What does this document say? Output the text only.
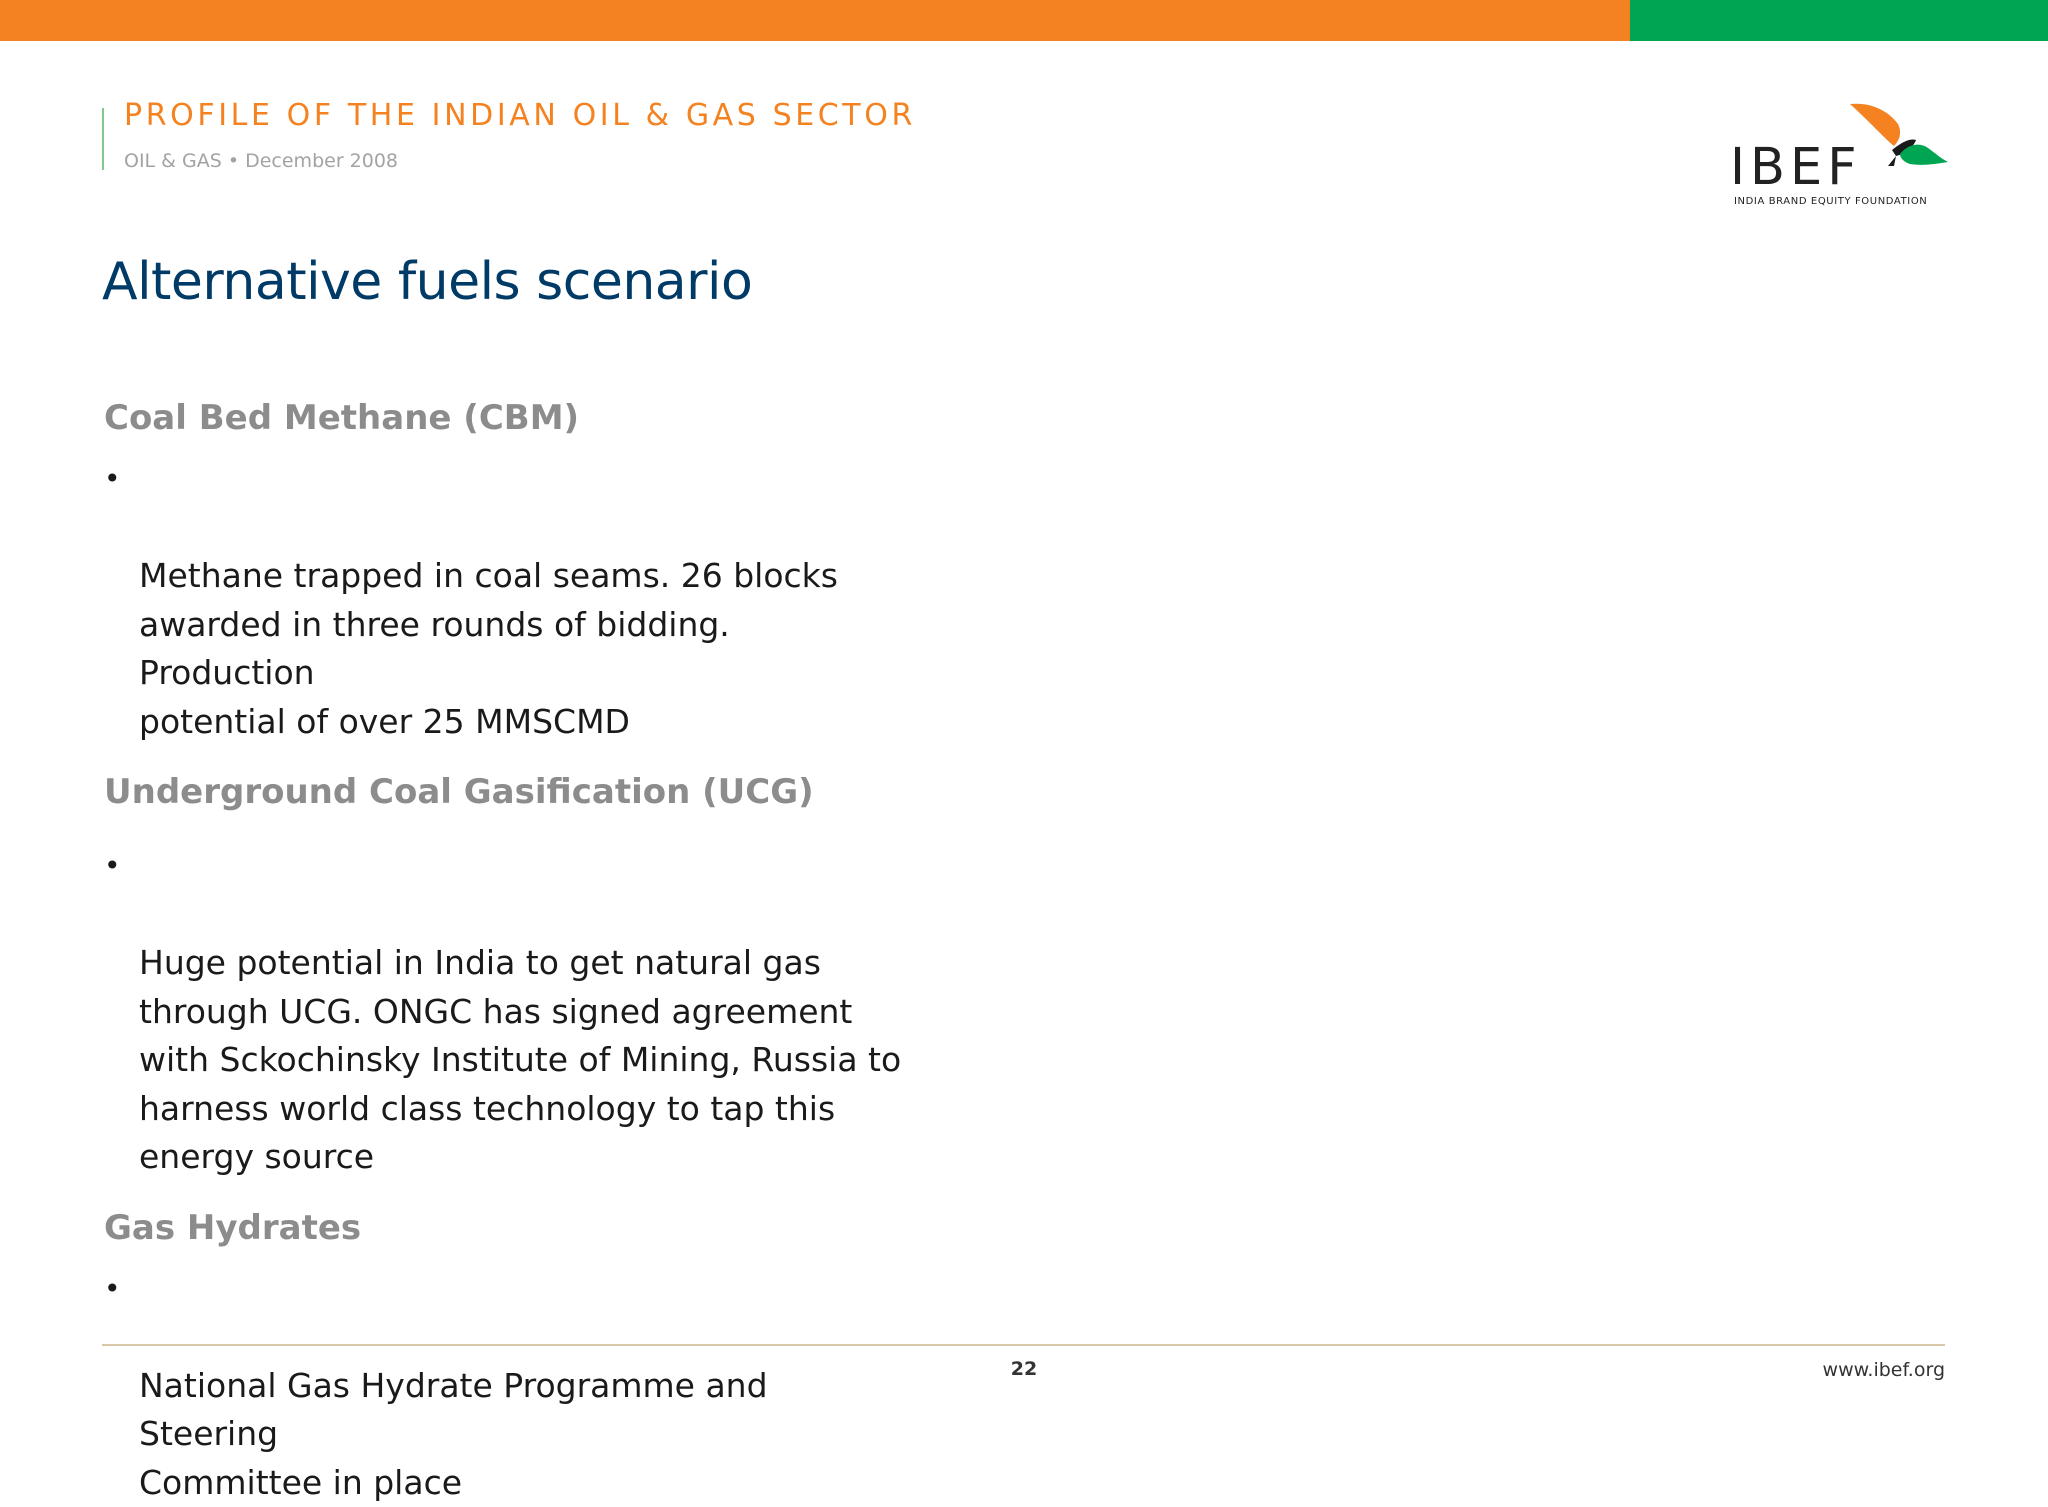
PROFILE OF THE INDIAN OIL & GAS SECTOR
OIL & GAS • December 2008	IBEF
INDIA BRAND EQUITY FOUNDATION
Alternative fuels scenario
Coal Bed Methane (CBM)

•

Methane trapped in coal seams. 26 blocks
awarded in three rounds of bidding. Production
potential of over 25 MMSCMD

Underground Coal Gasification (UCG)

•

Huge potential in India to get natural gas
through UCG. ONGC has signed agreement
with Sckochinsky Institute of Mining, Russia to
harness world class technology to tap this
energy source

Gas Hydrates

•

National Gas Hydrate Programme and Steering
Committee in place

22	www.ibef.org
